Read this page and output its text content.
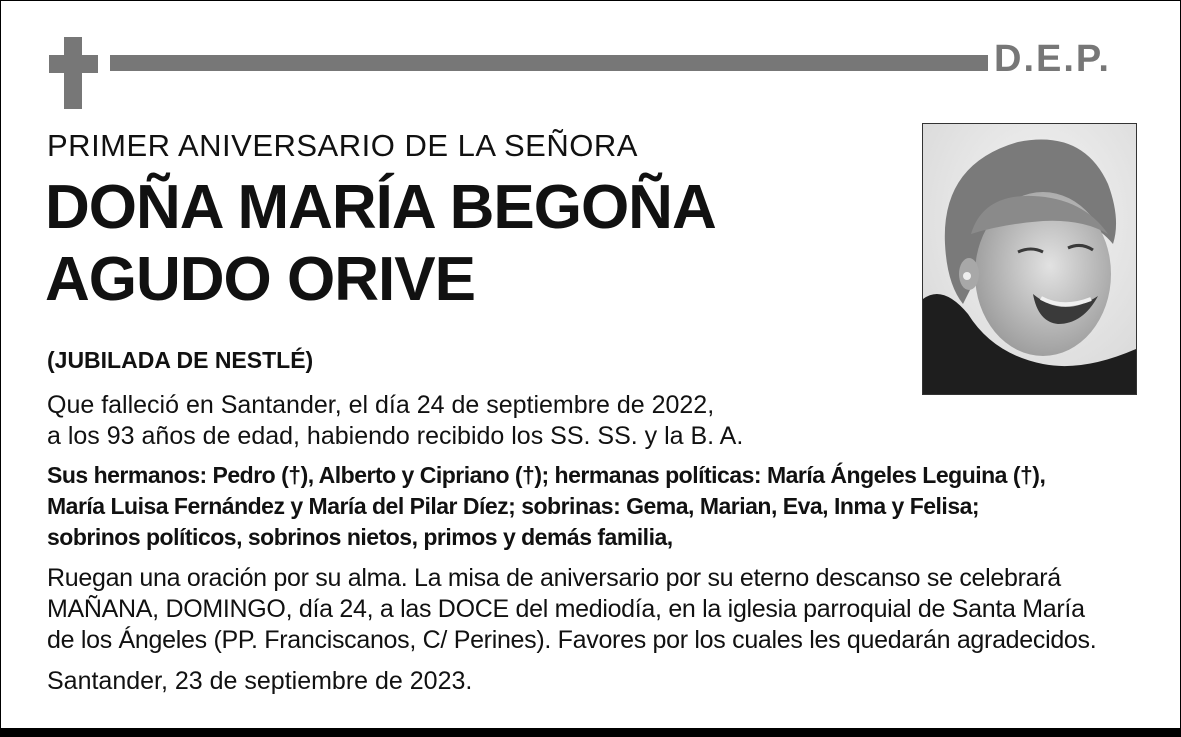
D.E.P.
PRIMER ANIVERSARIO DE LA SEÑORA
DOÑA MARÍA BEGOÑA
AGUDO ORIVE
(JUBILADA DE NESTLÉ)
Que falleció en Santander, el día 24 de septiembre de 2022,
a los 93 años de edad, habiendo recibido los SS. SS. y la B. A.
Sus hermanos: Pedro (†), Alberto y Cipriano (†); hermanas políticas: María Ángeles Leguina (†),
María Luisa Fernández y María del Pilar Díez; sobrinas: Gema, Marian, Eva, Inma y Felisa;
sobrinos políticos, sobrinos nietos, primos y demás familia,
Ruegan una oración por su alma. La misa de aniversario por su eterno descanso se celebrará
MAÑANA, DOMINGO, día 24, a las DOCE del mediodía, en la iglesia parroquial de Santa María
de los Ángeles (PP. Franciscanos, C/ Perines). Favores por los cuales les quedarán agradecidos.
Santander, 23 de septiembre de 2023.
